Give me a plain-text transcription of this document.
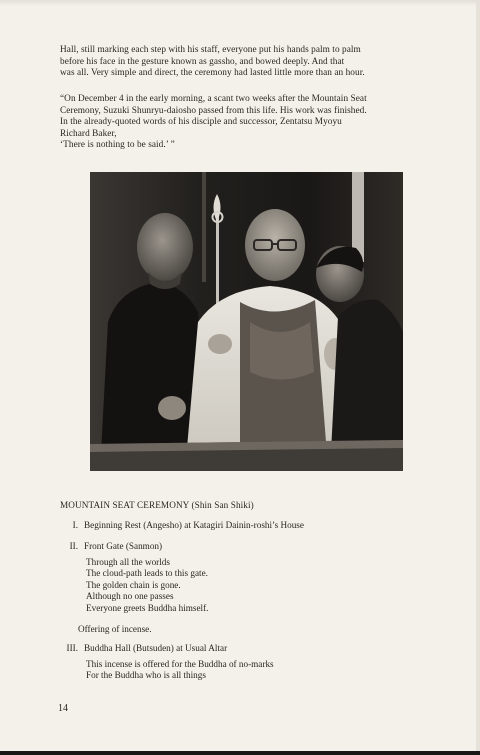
Hall, still marking each step with his staff, everyone put his hands palm to palm
before his face in the gesture known as gassho, and bowed deeply. And that
was all. Very simple and direct, the ceremony had lasted little more than an hour.
“On December 4 in the early morning, a scant two weeks after the Mountain Seat
Ceremony, Suzuki Shunryu-daiosho passed from this life. His work was finished.
In the already-quoted words of his disciple and successor, Zentatsu Myoyu
Richard Baker,
‘There is nothing to be said.’ ”
MOUNTAIN SEAT CEREMONY (Shin San Shiki)
I. Beginning Rest (Angesho) at Katagiri Dainin-roshi’s House
II. Front Gate (Sanmon)
Through all the worlds
The cloud-path leads to this gate.
The golden chain is gone.
Although no one passes
Everyone greets Buddha himself.
Offering of incense.
III. Buddha Hall (Butsuden) at Usual Altar
This incense is offered for the Buddha of no-marks
For the Buddha who is all things
14
